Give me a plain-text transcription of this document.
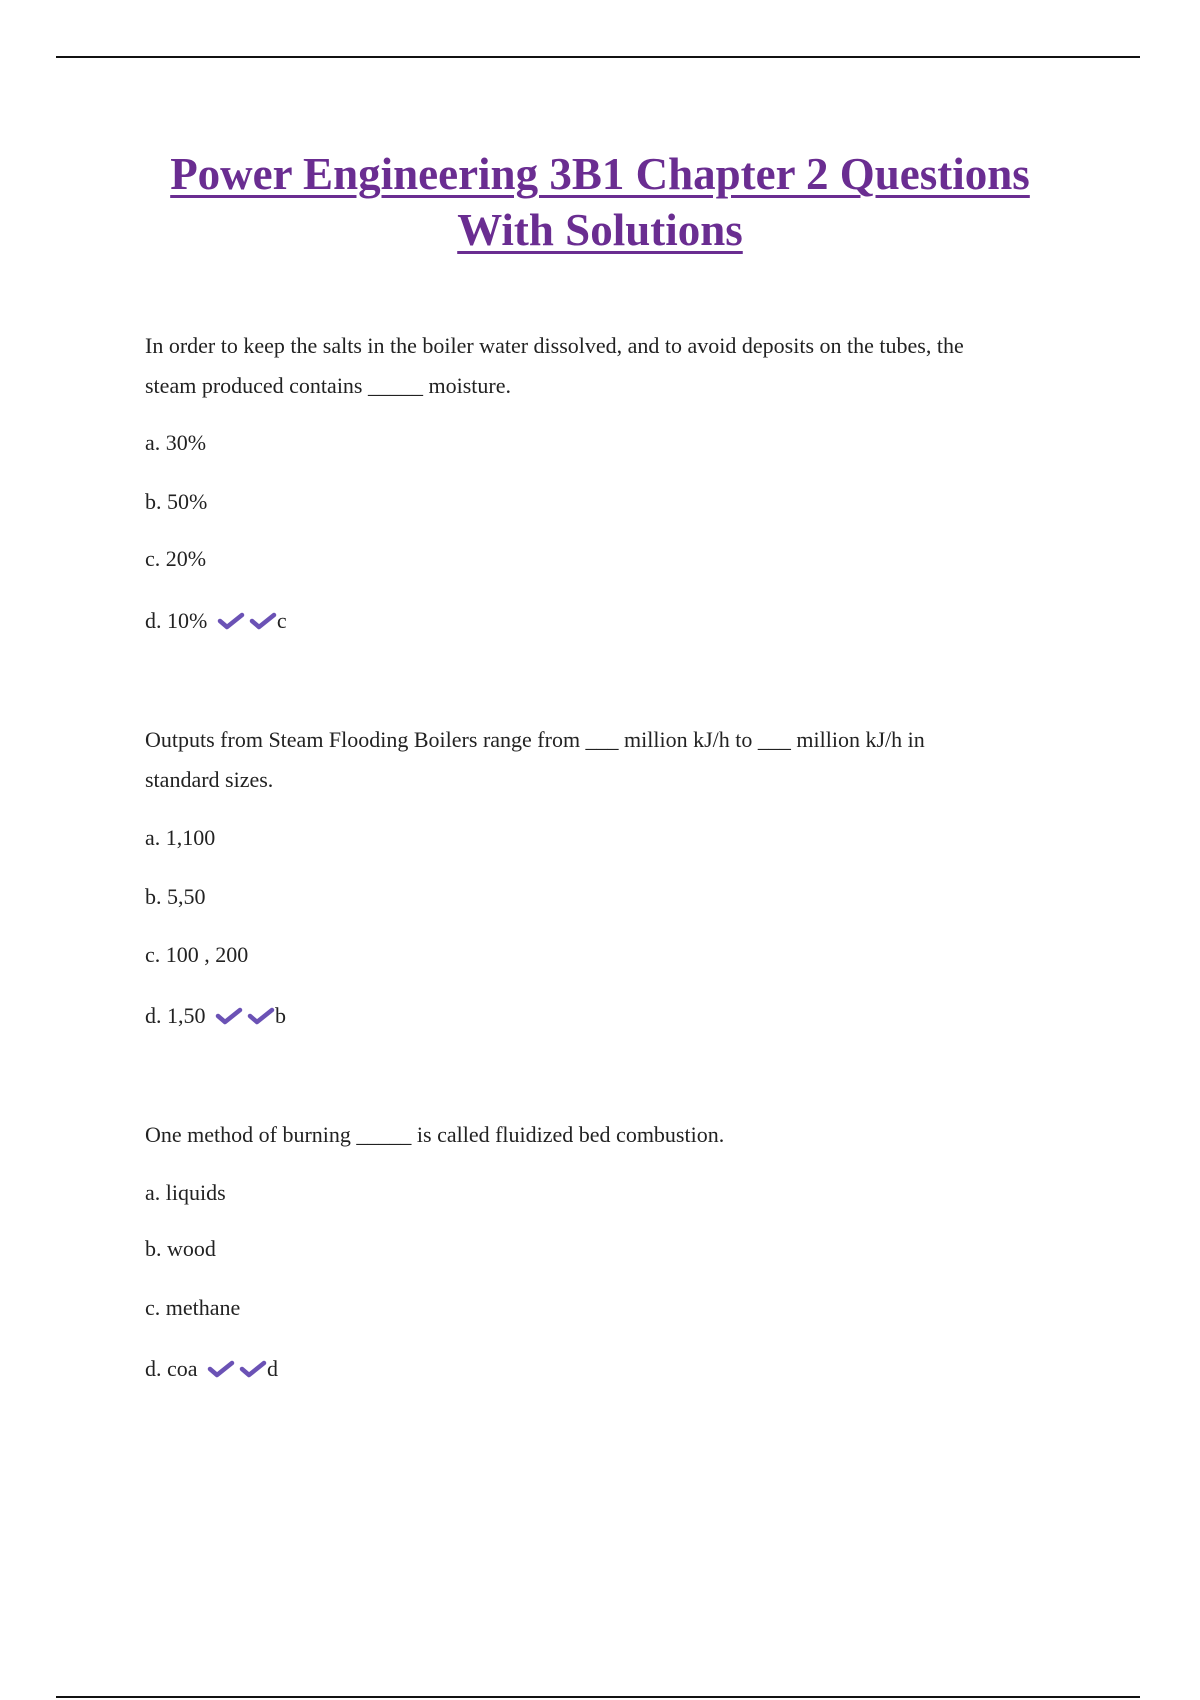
Power Engineering 3B1 Chapter 2 Questions
With Solutions
In order to keep the salts in the boiler water dissolved, and to avoid deposits on the tubes, the
steam produced contains _____ moisture.
a. 30%
b. 50%
c. 20%
d. 10%	c
Outputs from Steam Flooding Boilers range from ___ million kJ/h to ___ million kJ/h in
standard sizes.
a. 1,100
b. 5,50
c. 100 , 200
d. 1,50	b
One method of burning _____ is called fluidized bed combustion.
a. liquids
b. wood
c. methane
d. coa	d
